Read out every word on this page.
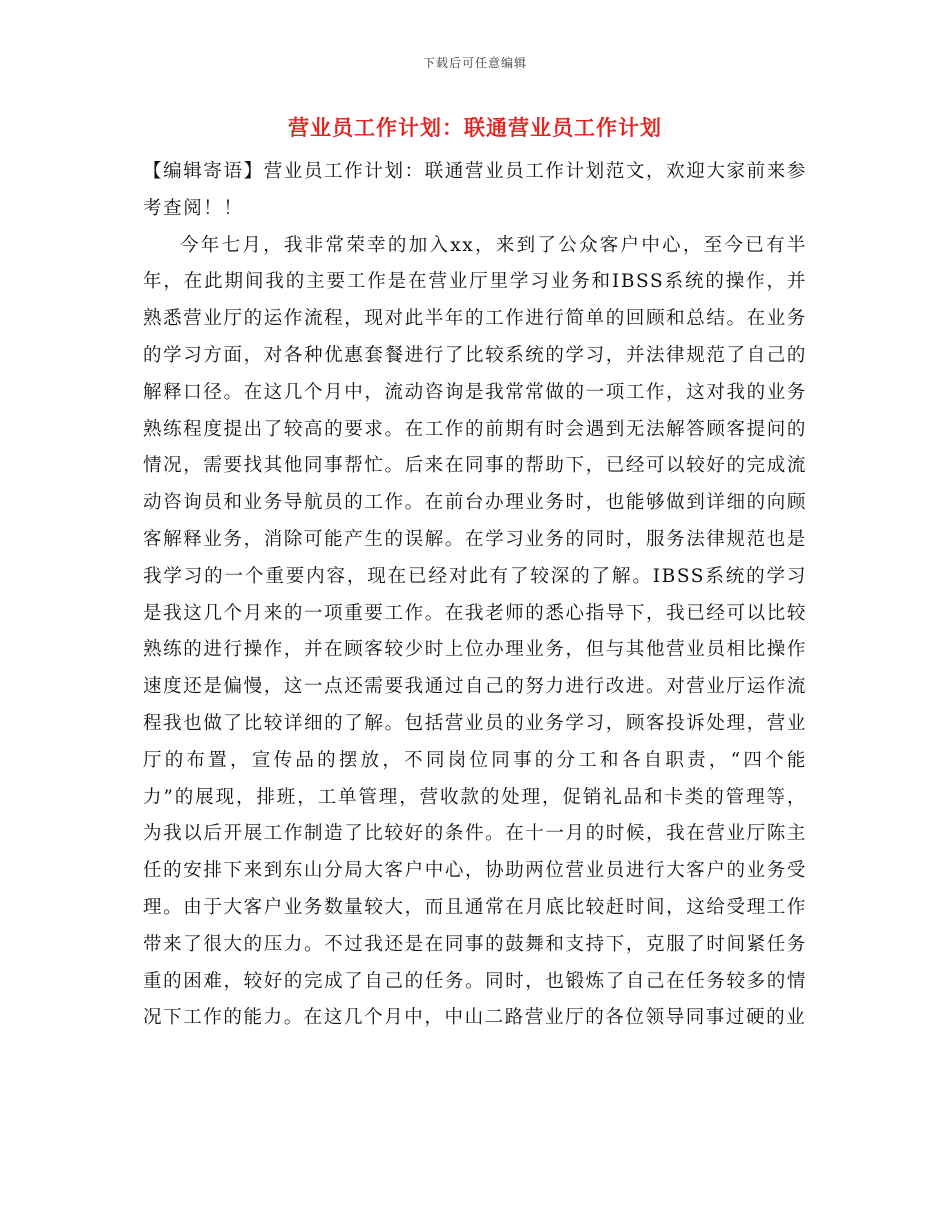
下载后可任意编辑
营业员工作计划：联通营业员工作计划

【编辑寄语】营业员工作计划：联通营业员工作计划范文，欢迎大家前来参考查阅！！

今年七月，我非常荣幸的加入xx，来到了公众客户中心，至今已有半年，在此期间我的主要工作是在营业厅里学习业务和IBSS系统的操作，并熟悉营业厅的运作流程，现对此半年的工作进行简单的回顾和总结。在业务的学习方面，对各种优惠套餐进行了比较系统的学习，并法律规范了自己的解释口径。在这几个月中，流动咨询是我常常做的一项工作，这对我的业务熟练程度提出了较高的要求。在工作的前期有时会遇到无法解答顾客提问的情况，需要找其他同事帮忙。后来在同事的帮助下，已经可以较好的完成流动咨询员和业务导航员的工作。在前台办理业务时，也能够做到详细的向顾客解释业务，消除可能产生的误解。在学习业务的同时，服务法律规范也是我学习的一个重要内容，现在已经对此有了较深的了解。IBSS系统的学习是我这几个月来的一项重要工作。在我老师的悉心指导下，我已经可以比较熟练的进行操作，并在顾客较少时上位办理业务，但与其他营业员相比操作速度还是偏慢，这一点还需要我通过自己的努力进行改进。对营业厅运作流程我也做了比较详细的了解。包括营业员的业务学习，顾客投诉处理，营业厅的布置，宣传品的摆放，不同岗位同事的分工和各自职责，“四个能力”的展现，排班，工单管理，营收款的处理，促销礼品和卡类的管理等，为我以后开展工作制造了比较好的条件。在十一月的时候，我在营业厅陈主任的安排下来到东山分局大客户中心，协助两位营业员进行大客户的业务受理。由于大客户业务数量较大，而且通常在月底比较赶时间，这给受理工作带来了很大的压力。不过我还是在同事的鼓舞和支持下，克服了时间紧任务重的困难，较好的完成了自己的任务。同时，也锻炼了自己在任务较多的情况下工作的能力。在这几个月中，中山二路营业厅的各位领导同事过硬的业
